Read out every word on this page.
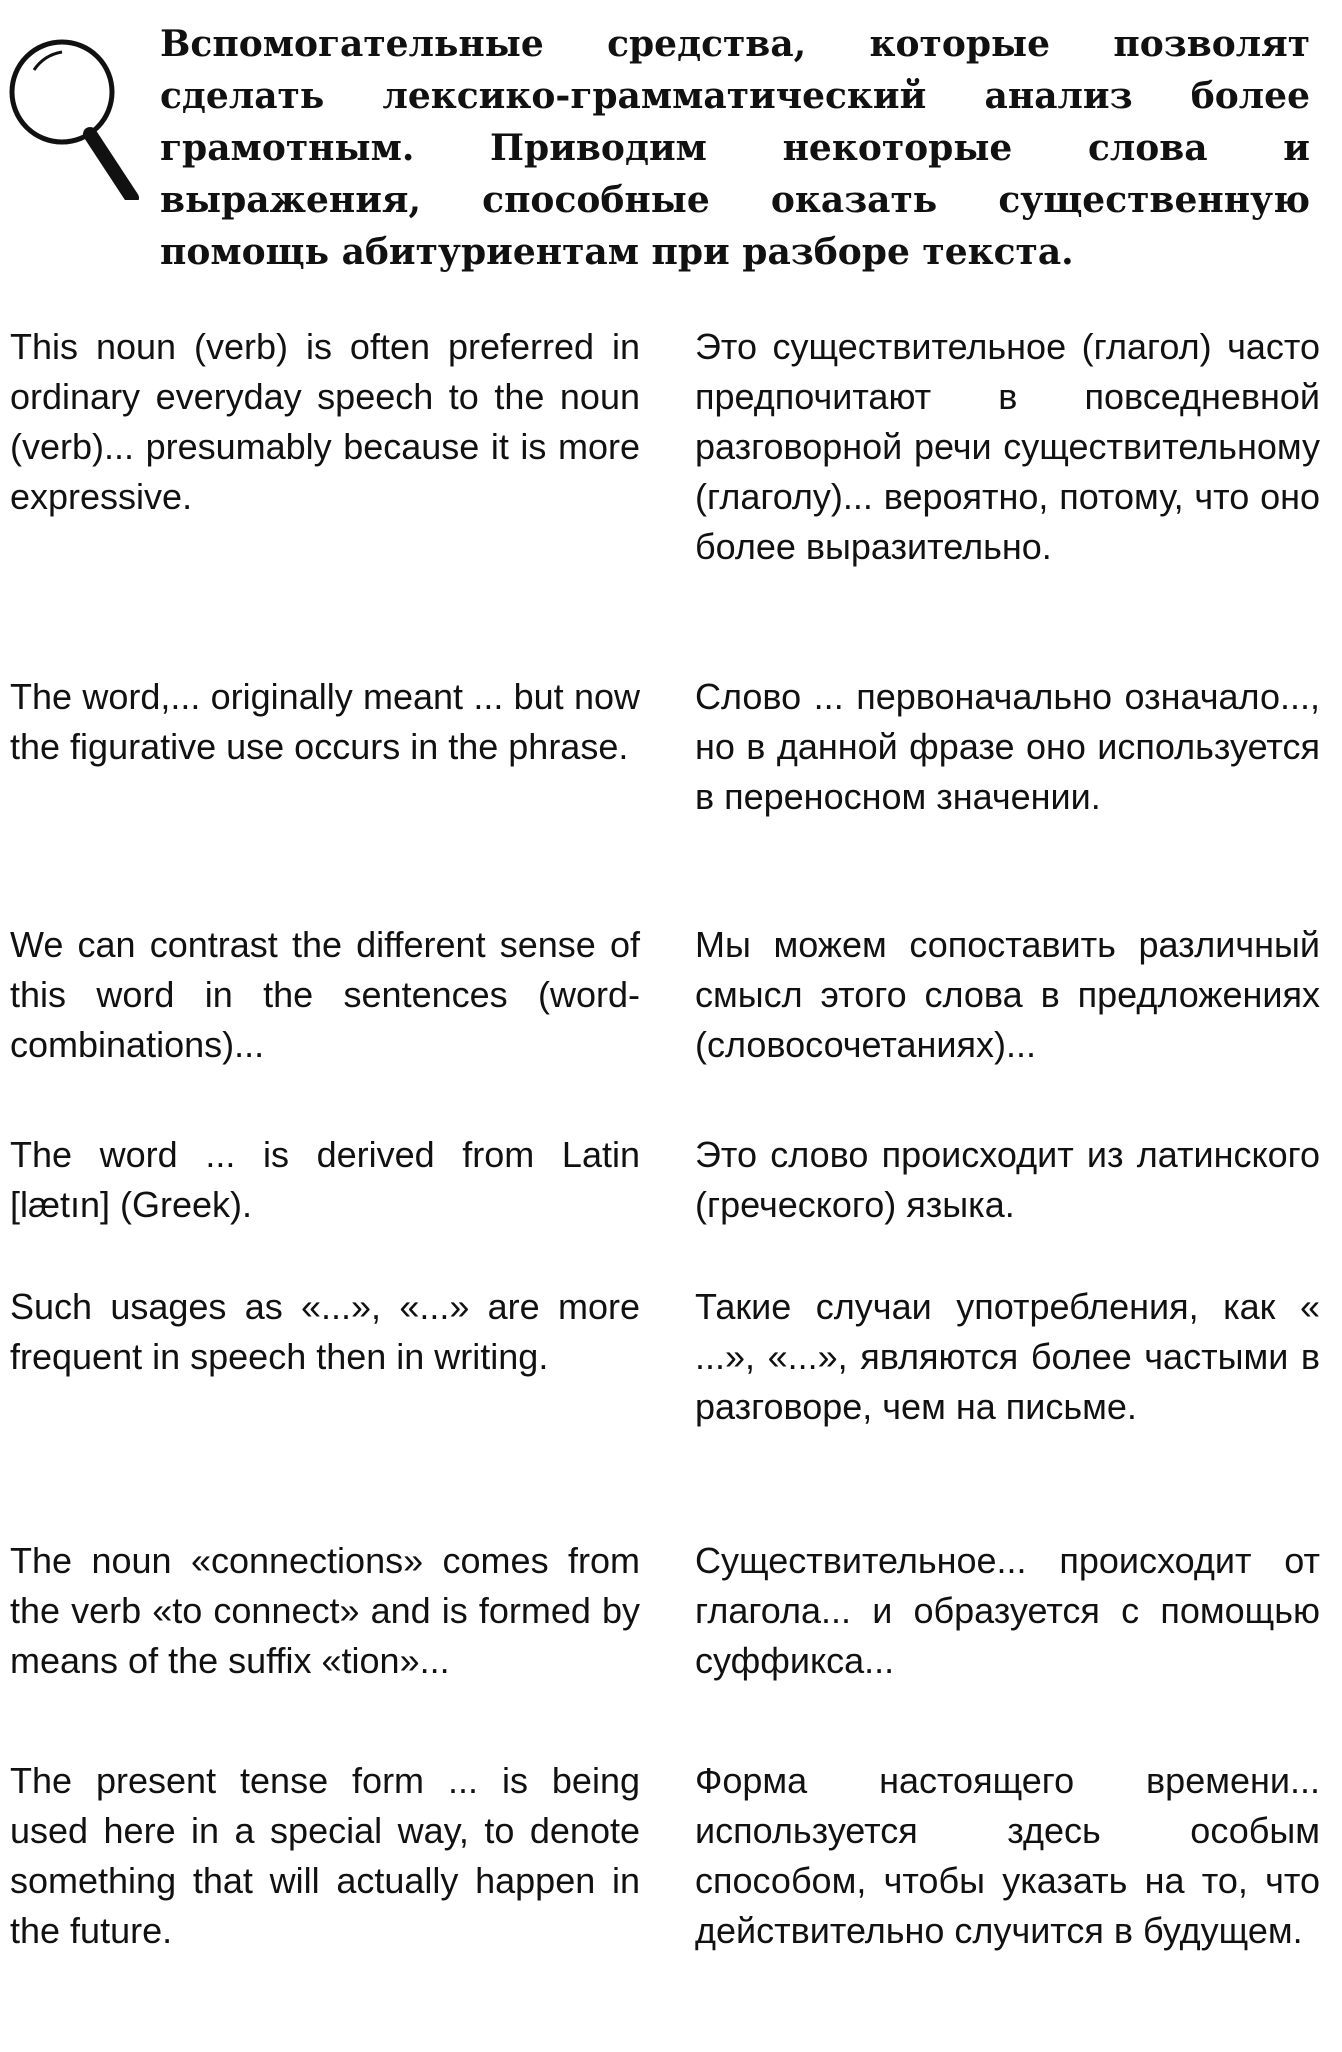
Вспомогательные средства, которые позволят сделать лексико-грамматический анализ более грамотным. Приводим некоторые слова и выражения, способные оказать существенную помощь абитуриентам при разборе текста.
This noun (verb) is often preferred in ordinary everyday speech to the noun (verb)... presumably because it is more expressive.
Это существительное (глагол) часто предпочитают в повседневной разговорной речи существительному (глаголу)... вероятно, потому, что оно более выразительно.
The word,... originally meant ... but now the figurative use occurs in the phrase.
Слово ... первоначально означало..., но в данной фразе оно используется в переносном значении.
We can contrast the different sense of this word in the sentences (word-combinations)...
Мы можем сопоставить различный смысл этого слова в предложениях (словосочетаниях)...
The word ... is derived from Latin [lætın] (Greek).
Это слово происходит из латинского (греческого) языка.
Such usages as «...», «...» are more frequent in speech then in writing.
Такие случаи употребления, как « ...», «...», являются более частыми в разговоре, чем на письме.
The noun «connections» comes from the verb «to connect» and is formed by means of the suffix «tion»...
Существительное... происходит от глагола... и образуется с помощью суффикса...
The present tense form ... is being used here in a special way, to denote something that will actually happen in the future.
Форма настоящего времени... используется здесь особым способом, чтобы указать на то, что действительно случится в будущем.
